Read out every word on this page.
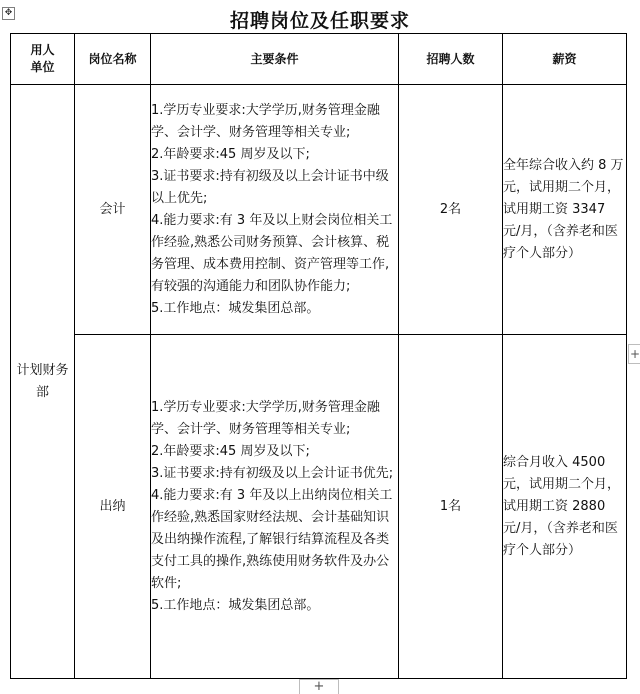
✥	招聘岗位及任职要求
用人单位	岗位名称	主要条件	招聘人数	薪资

计划财务部	会计	1.学历专业要求:大学学历,财务管理金融学、会计学、财务管理等相关专业;
2.年龄要求:45 周岁及以下;
3.证书要求:持有初级及以上会计证书中级以上优先;
4.能力要求:有 3 年及以上财会岗位相关工作经验,熟悉公司财务预算、会计核算、税务管理、成本费用控制、资产管理等工作,有较强的沟通能力和团队协作能力;
5.工作地点：城发集团总部。	2名	全年综合收入约 8 万元，试用期二个月，试用期工资 3347 元/月，（含养老和医疗个人部分）
	出纳	1.学历专业要求:大学学历,财务管理金融学、会计学、财务管理等相关专业;
2.年龄要求:45 周岁及以下;
3.证书要求:持有初级及以上会计证书优先;
4.能力要求:有 3 年及以上出纳岗位相关工作经验,熟悉国家财经法规、会计基础知识及出纳操作流程,了解银行结算流程及各类支付工具的操作,熟练使用财务软件及办公软件;
5.工作地点：城发集团总部。	1名	综合月收入 4500 元，试用期二个月，试用期工资 2880 元/月，（含养老和医疗个人部分）
+
+
